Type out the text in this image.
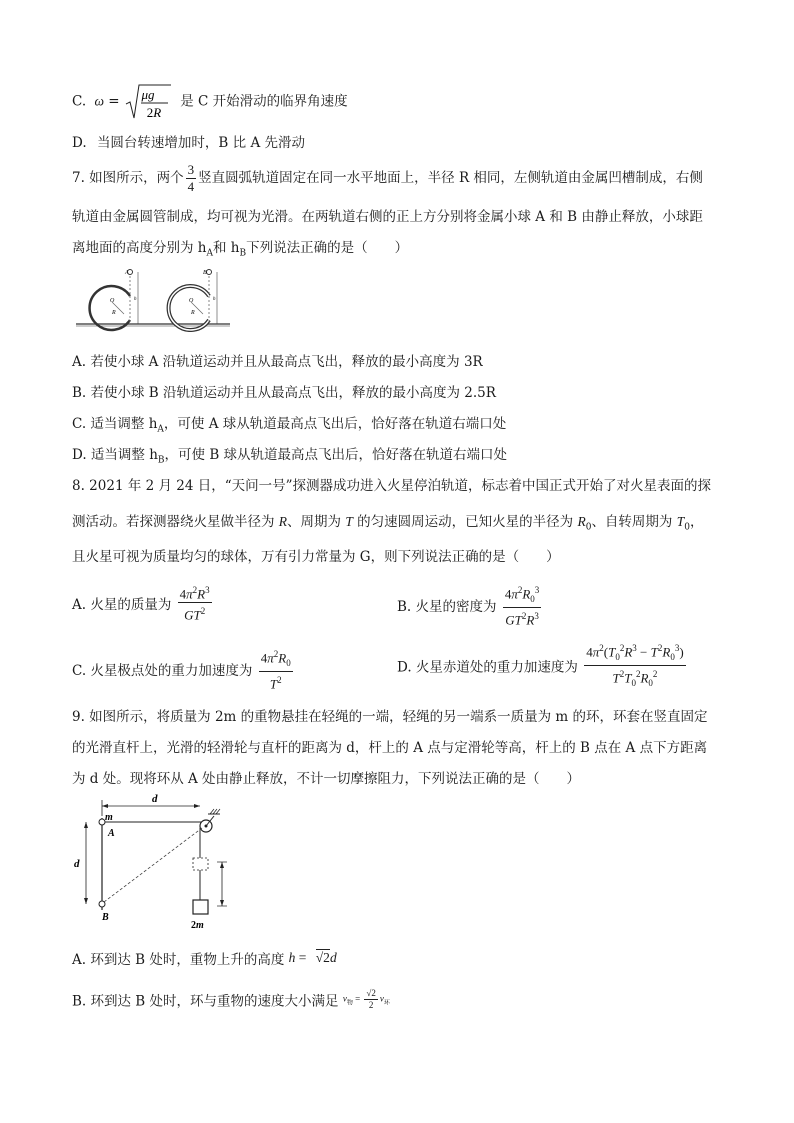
C. ω = μg
2R
是 C 开始滑动的临界角速度
D. 当圆台转速增加时，B 比 A 先滑动
7. 如图所示，两个 $\frac{3}{4}$ 竖直圆弧轨道固定在同一水平地面上，半径 R 相同，左侧轨道由金属凹槽制成，右侧
轨道由金属圆管制成，均可视为光滑。在两轨道右侧的正上方分别将金属小球 A 和 B 由静止释放，小球距
离地面的高度分别为 $h_A$和 $h_B$下列说法正确的是（　　）
A
O
R
h
B
O
R
h
A. 若使小球 A 沿轨道运动并且从最高点飞出，释放的最小高度为 3R
B. 若使小球 B 沿轨道运动并且从最高点飞出，释放的最小高度为 2.5R
C. 适当调整 $h_A$，可使 A 球从轨道最高点飞出后，恰好落在轨道右端口处
D. 适当调整 $h_B$，可使 B 球从轨道最高点飞出后，恰好落在轨道右端口处
8. 2021 年 2 月 24 日，“天问一号”探测器成功进入火星停泊轨道，标志着中国正式开始了对火星表面的探
测活动。若探测器绕火星做半径为 R、周期为 T 的匀速圆周运动，已知火星的半径为 $R_0$、自转周期为 $T_0$，
且火星可视为质量均匀的球体，万有引力常量为 G，则下列说法正确的是（　　）
A. 火星的质量为 $\frac{4\pi^2R^3}{GT^2}$	B. 火星的密度为 $\frac{4\pi^2R_0^3}{GT^2R^3}$
C. 火星极点处的重力加速度为 $\frac{4\pi^2R_0}{T^2}$	D. 火星赤道处的重力加速度为 $\frac{4\pi^2(T_0^2R^3 - T^2R_0^3)}{T^2T_0^2R_0^2}$
9. 如图所示，将质量为 2m 的重物悬挂在轻绳的一端，轻绳的另一端系一质量为 m 的环，环套在竖直固定
的光滑直杆上，光滑的轻滑轮与直杆的距离为 d，杆上的 A 点与定滑轮等高，杆上的 B 点在 A 点下方距离
为 d 处。现将环从 A 处由静止释放，不计一切摩擦阻力，下列说法正确的是（　　）
d
m
A
2m
d
B
A. 环到达 B 处时，重物上升的高度 h = √2d
B. 环到达 B 处时，环与重物的速度大小满足 $v_物 = \frac{√2}{2} v_环$
